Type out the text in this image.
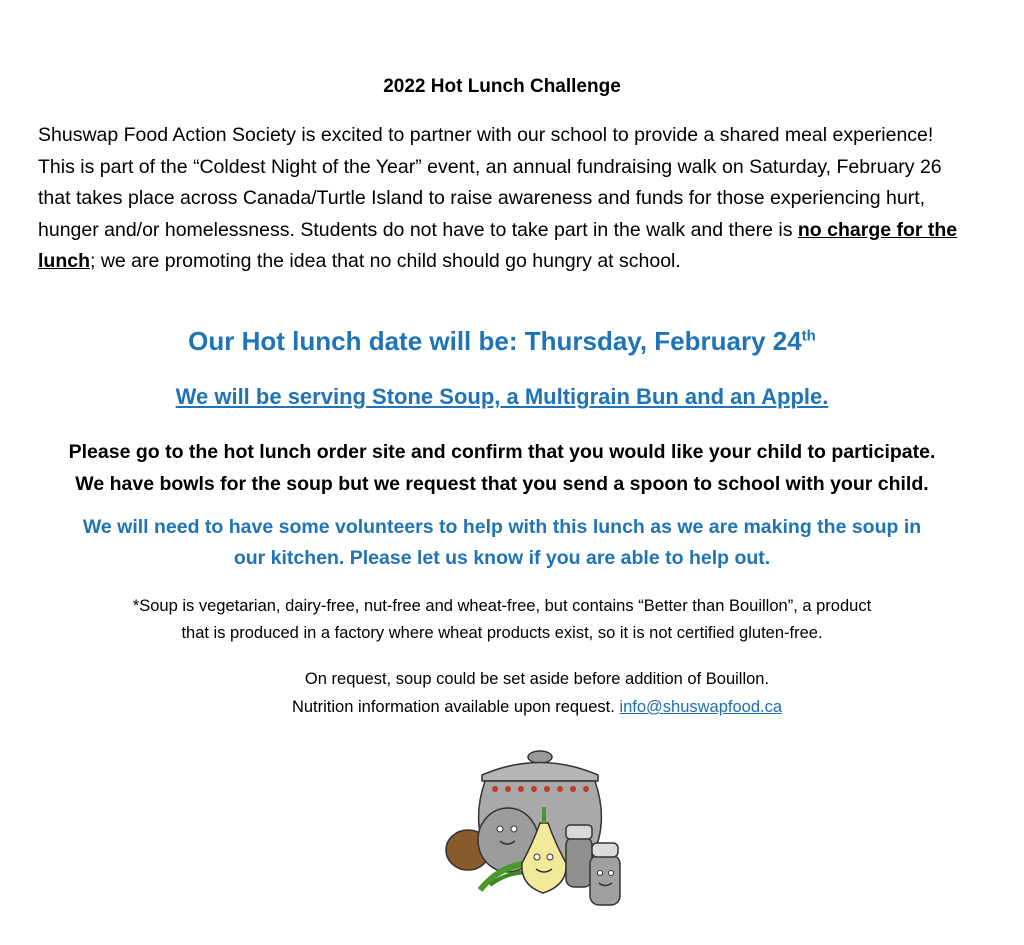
2022 Hot Lunch Challenge
Shuswap Food Action Society is excited to partner with our school to provide a shared meal experience! This is part of the “Coldest Night of the Year” event, an annual fundraising walk on Saturday, February 26 that takes place across Canada/Turtle Island to raise awareness and funds for those experiencing hurt, hunger and/or homelessness. Students do not have to take part in the walk and there is no charge for the lunch; we are promoting the idea that no child should go hungry at school.
Our Hot lunch date will be: Thursday, February 24th
We will be serving Stone Soup, a Multigrain Bun and an Apple.
Please go to the hot lunch order site and confirm that you would like your child to participate.
We have bowls for the soup but we request that you send a spoon to school with your child.
We will need to have some volunteers to help with this lunch as we are making the soup in
our kitchen. Please let us know if you are able to help out.
*Soup is vegetarian, dairy-free, nut-free and wheat-free, but contains “Better than Bouillon”, a product
that is produced in a factory where wheat products exist, so it is not certified gluten-free.
On request, soup could be set aside before addition of Bouillon.
Nutrition information available upon request. info@shuswapfood.ca
